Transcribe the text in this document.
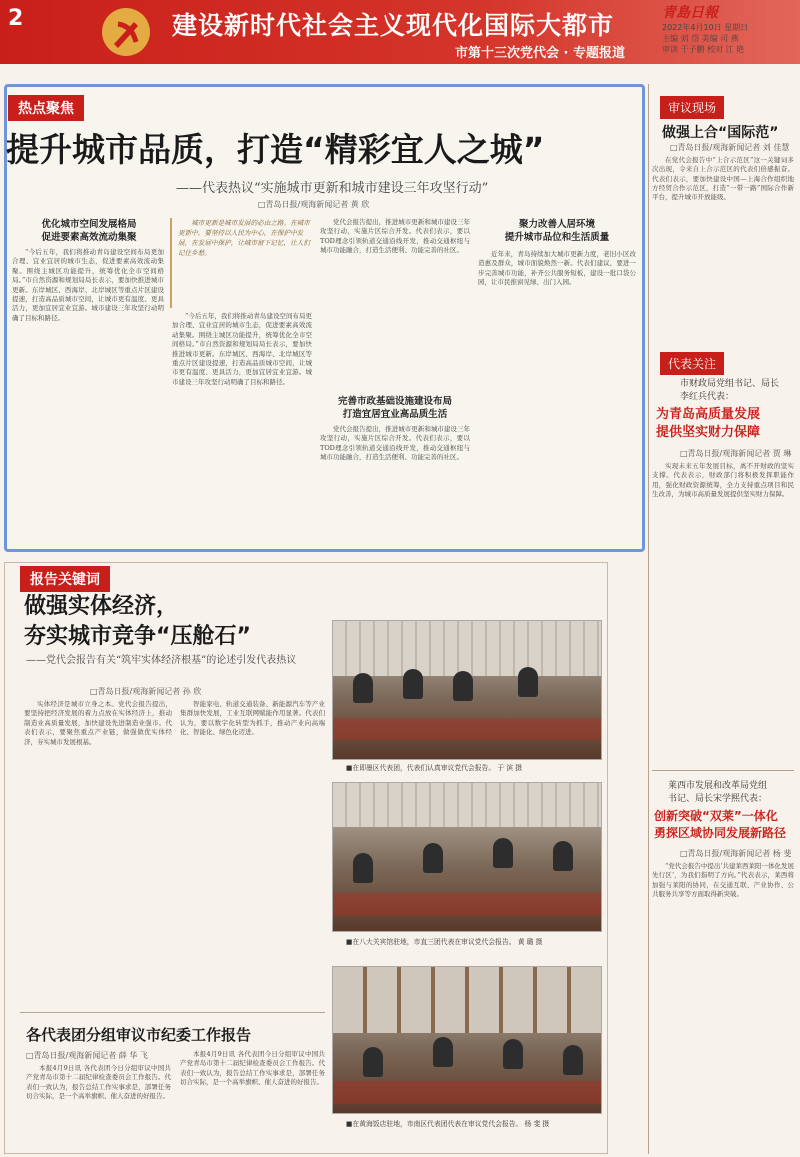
2	建设新时代社会主义现代化国际大都市
市第十三次党代会 · 专题报道
青島日報
2022年4月10日 星期日
主编 刘 岱 美编 司 燕
审读 于子鹏 校对 江 艳
热点聚焦
提升城市品质，打造“精彩宜人之城”
——代表热议“实施城市更新和城市建设三年攻坚行动”
□青岛日报/观海新闻记者 黄 欣
优化城市空间发展格局
促进要素高效流动集聚

“今后五年，我们将推动青岛建设空间布局更加合理、宜业宜居的城市生态，促进要素高效流动集聚。围绕主城区功能提升，统筹优化全市空间格局。”市自然资源和规划局局长表示，要加快推进城市更新。东岸城区、西海岸、北岸城区等重点片区建设提速，打造高品质城市空间，让城市更有温度、更具活力，更加宜居宜业宜游。城市建设三年攻坚行动明确了目标和路径。

城市更新是城市发展的必由之路。在城市更新中，要坚持以人民为中心，在保护中发展，在发展中保护，让城市留下记忆，让人们记住乡愁。

“今后五年，我们将推动青岛建设空间布局更加合理、宜业宜居的城市生态，促进要素高效流动集聚。围绕主城区功能提升，统筹优化全市空间格局。”市自然资源和规划局局长表示，要加快推进城市更新。东岸城区、西海岸、北岸城区等重点片区建设提速，打造高品质城市空间，让城市更有温度、更具活力，更加宜居宜业宜游。城市建设三年攻坚行动明确了目标和路径。

完善市政基础设施建设布局
打造宜居宜业高品质生活

党代会报告提出，推进城市更新和城市建设三年攻坚行动，实施片区综合开发。代表们表示，要以TOD理念引领轨道交通沿线开发，推动交通枢纽与城市功能融合，打造生活便利、功能完善的社区。

党代会报告提出，推进城市更新和城市建设三年攻坚行动，实施片区综合开发。代表们表示，要以TOD理念引领轨道交通沿线开发，推动交通枢纽与城市功能融合，打造生活便利、功能完善的社区。

聚力改善人居环境
提升城市品位和生活质量

近年来，青岛持续加大城市更新力度，老旧小区改造惠及群众，城市面貌焕然一新。代表们建议，要进一步完善城市功能，补齐公共服务短板，建设一批口袋公园，让市民推窗见绿、出门入园。

报告关键词
做强实体经济，
夯实城市竞争“压舱石”
——党代会报告有关“筑牢实体经济根基”的论述引发代表热议
□青岛日报/观海新闻记者 孙 欣

实体经济是城市立身之本。党代会报告提出，要坚持把经济发展的着力点放在实体经济上，推动制造业高质量发展，加快建设先进制造业强市。代表们表示，要聚焦重点产业链，做强做优实体经济，夯实城市发展根基。

智能家电、轨道交通装备、新能源汽车等产业集群加快发展，工业互联网赋能作用显著。代表们认为，要以数字化转型为抓手，推动产业向高端化、智能化、绿色化迈进。

■在即墨区代表团，代表们认真审议党代会报告。 于 滨 摄
■在八大关宾馆驻地，市直三团代表在审议党代会报告。 黄 璐 摄
■在黄海饭店驻地，市南区代表团代表在审议党代会报告。 杨 斐 摄
各代表团分组审议市纪委工作报告
□青岛日报/观海新闻记者 薛 华 飞

本报4月9日讯 各代表团今日分组审议中国共产党青岛市第十二届纪律检查委员会工作报告。代表们一致认为，报告总结工作实事求是，部署任务切合实际，是一个高举旗帜、催人奋进的好报告。

本报4月9日讯 各代表团今日分组审议中国共产党青岛市第十二届纪律检查委员会工作报告。代表们一致认为，报告总结工作实事求是，部署任务切合实际，是一个高举旗帜、催人奋进的好报告。

审议现场
做强上合“国际范”
□青岛日报/观海新闻记者 刘 佳慧

在党代会报告中“上合示范区”这一关键词多次出现，令来自上合示范区的代表们倍感振奋。代表们表示，要加快建设中国—上海合作组织地方经贸合作示范区，打造“一带一路”国际合作新平台，提升城市开放能级。

代表关注
市财政局党组书记、局长
李红兵代表：
为青岛高质量发展
提供坚实财力保障
□青岛日报/观海新闻记者 贾 琳

实现未来五年发展目标，离不开财政的坚实支撑。代表表示，财政部门将积极发挥职能作用，强化财政资源统筹，全力支持重点项目和民生改善，为城市高质量发展提供坚实财力保障。

莱西市发展和改革局党组
书记、局长宋学熙代表：
创新突破“双莱”一体化
勇探区域协同发展新路径
□青岛日报/观海新闻记者 杨 斐

“党代会报告中提出‘共建莱西莱阳一体化发展先行区’，为我们指明了方向。”代表表示，莱西将加强与莱阳的协同，在交通互联、产业协作、公共服务共享等方面取得新突破。
